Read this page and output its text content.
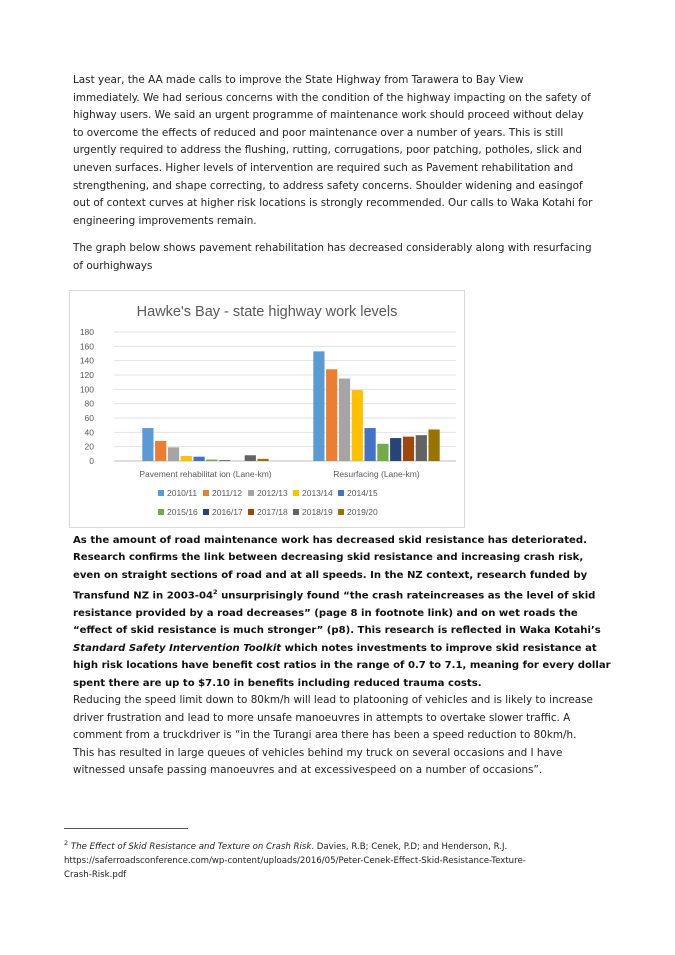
Last year, the AA made calls to improve the State Highway from Tarawera to Bay View immediately. We had serious concerns with the condition of the highway impacting on the safety of highway users. We said an urgent programme of maintenance work should proceed without delay to overcome the effects of reduced and poor maintenance over a number of years. This is still urgently required to address the flushing, rutting, corrugations, poor patching, potholes, slick and uneven surfaces. Higher levels of intervention are required such as Pavement rehabilitation and strengthening, and shape correcting, to address safety concerns. Shoulder widening and easingof out of context curves at higher risk locations is strongly recommended. Our calls to Waka Kotahi for engineering improvements remain.

The graph below shows pavement rehabilitation has decreased considerably along with resurfacing of ourhighways

Hawke's Bay - state highway work levels
0
20
40
60
80
100
120
140
160
180
Pavement rehabilitat ion (Lane-km)	Resurfacing (Lane-km)
2010/11 2011/12 2012/13 2013/14 2014/15
2015/16 2016/17 2017/18 2018/19 2019/20

As the amount of road maintenance work has decreased skid resistance has deteriorated. Research confirms the link between decreasing skid resistance and increasing crash risk, even on straight sections of road and at all speeds. In the NZ context, research funded by Transfund NZ in $2003-04^2$ unsurprisingly found “the crash rateincreases as the level of skid resistance provided by a road decreases” (page 8 in footnote link) and on wet roads the “effect of skid resistance is much stronger” (p8). This research is reflected in Waka Kotahi’s Standard Safety Intervention Toolkit which notes investments to improve skid resistance at high risk locations have benefit cost ratios in the range of 0.7 to 7.1, meaning for every dollar spent there are up to $7.10 in benefits including reduced trauma costs.

Reducing the speed limit down to 80km/h will lead to platooning of vehicles and is likely to increase driver frustration and lead to more unsafe manoeuvres in attempts to overtake slower traffic. A comment from a truckdriver is “in the Turangi area there has been a speed reduction to 80km/h. This has resulted in large queues of vehicles behind my truck on several occasions and I have witnessed unsafe passing manoeuvres and at excessivespeed on a number of occasions”.

$^2$ The Effect of Skid Resistance and Texture on Crash Risk. Davies, R.B; Cenek, P.D; and Henderson, R.J.
https://saferroadsconference.com/wp-content/uploads/2016/05/Peter-Cenek-Effect-Skid-Resistance-Texture-Crash-Risk.pdf
